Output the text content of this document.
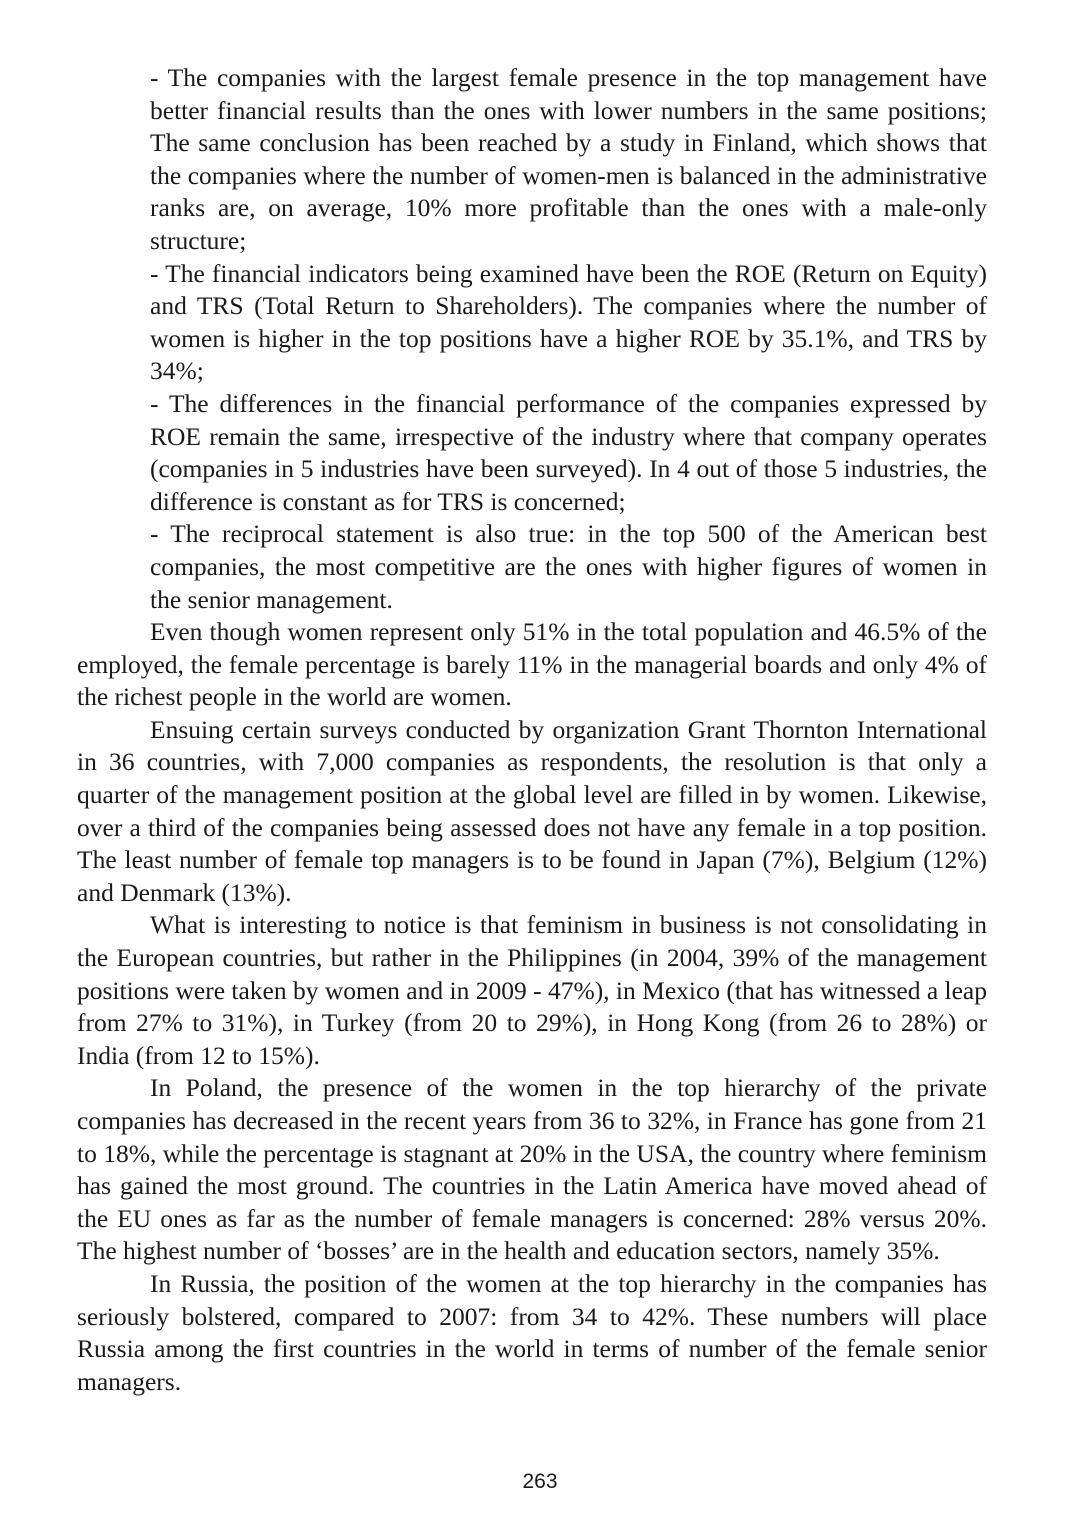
- The companies with the largest female presence in the top management have better financial results than the ones with lower numbers in the same positions; The same conclusion has been reached by a study in Finland, which shows that the companies where the number of women-men is balanced in the administrative ranks are, on average, 10% more profitable than the ones with a male-only structure;

- The financial indicators being examined have been the ROE (Return on Equity) and TRS (Total Return to Shareholders). The companies where the number of women is higher in the top positions have a higher ROE by 35.1%, and TRS by 34%;

- The differences in the financial performance of the companies expressed by ROE remain the same, irrespective of the industry where that company operates (companies in 5 industries have been surveyed). In 4 out of those 5 industries, the difference is constant as for TRS is concerned;

- The reciprocal statement is also true: in the top 500 of the American best companies, the most competitive are the ones with higher figures of women in the senior management.

Even though women represent only 51% in the total population and 46.5% of the employed, the female percentage is barely 11% in the managerial boards and only 4% of the richest people in the world are women.

Ensuing certain surveys conducted by organization Grant Thornton International in 36 countries, with 7,000 companies as respondents, the resolution is that only a quarter of the management position at the global level are filled in by women. Likewise, over a third of the companies being assessed does not have any female in a top position. The least number of female top managers is to be found in Japan (7%), Belgium (12%) and Denmark (13%).

What is interesting to notice is that feminism in business is not consolidating in the European countries, but rather in the Philippines (in 2004, 39% of the management positions were taken by women and in 2009 - 47%), in Mexico (that has witnessed a leap from 27% to 31%), in Turkey (from 20 to 29%), in Hong Kong (from 26 to 28%) or India (from 12 to 15%).

In Poland, the presence of the women in the top hierarchy of the private companies has decreased in the recent years from 36 to 32%, in France has gone from 21 to 18%, while the percentage is stagnant at 20% in the USA, the country where feminism has gained the most ground. The countries in the Latin America have moved ahead of the EU ones as far as the number of female managers is concerned: 28% versus 20%. The highest number of ‘bosses’ are in the health and education sectors, namely 35%.

In Russia, the position of the women at the top hierarchy in the companies has seriously bolstered, compared to 2007: from 34 to 42%. These numbers will place Russia among the first countries in the world in terms of number of the female senior managers.

263
